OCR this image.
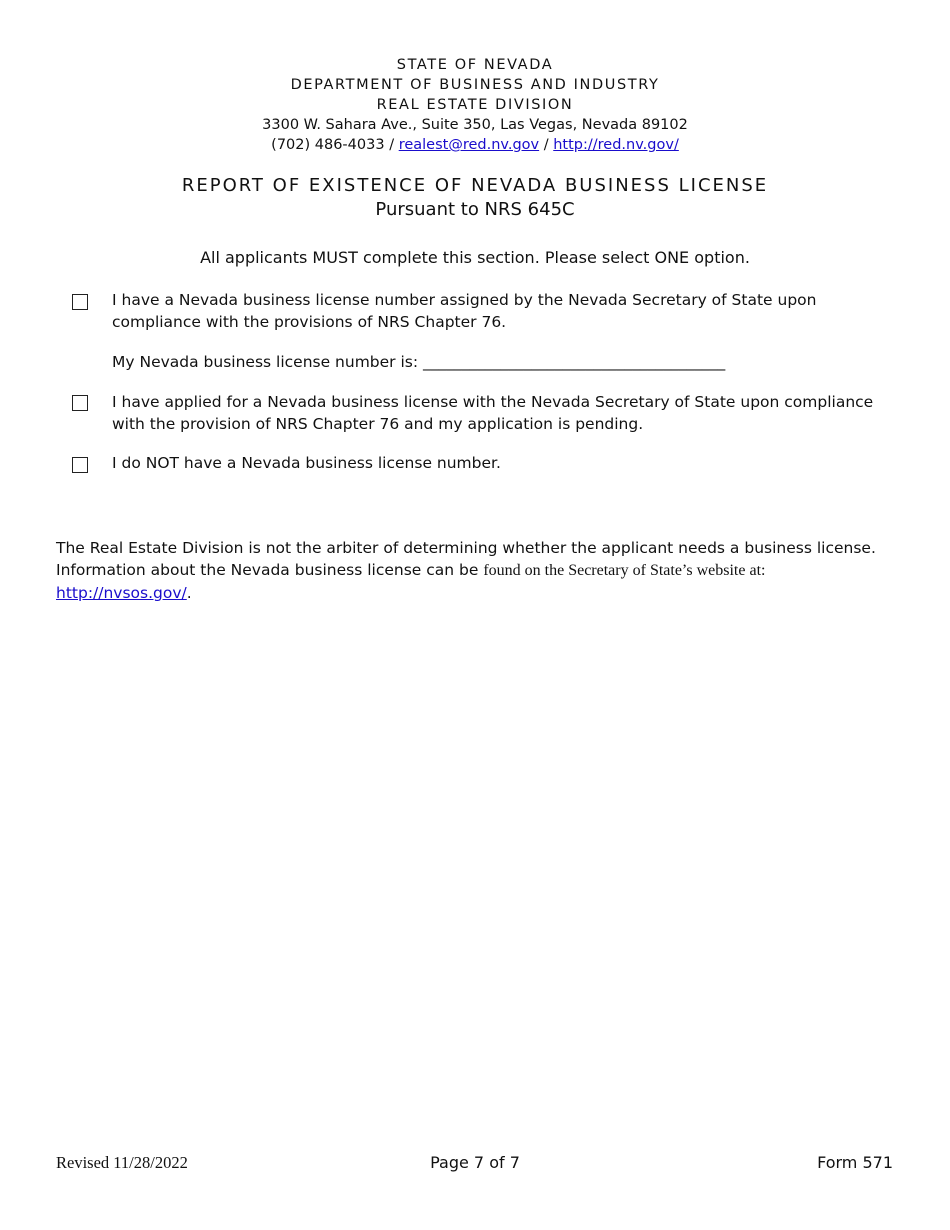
STATE OF NEVADA
DEPARTMENT OF BUSINESS AND INDUSTRY
REAL ESTATE DIVISION
3300 W. Sahara Ave., Suite 350, Las Vegas, Nevada 89102
(702) 486-4033 / realest@red.nv.gov / http://red.nv.gov/
REPORT OF EXISTENCE OF NEVADA BUSINESS LICENSE
Pursuant to NRS 645C
All applicants MUST complete this section. Please select ONE option.
I have a Nevada business license number assigned by the Nevada Secretary of State upon compliance with the provisions of NRS Chapter 76.
My Nevada business license number is: _______________________________________
I have applied for a Nevada business license with the Nevada Secretary of State upon compliance with the provision of NRS Chapter 76 and my application is pending.
I do NOT have a Nevada business license number.
The Real Estate Division is not the arbiter of determining whether the applicant needs a business license.
Information about the Nevada business license can be found on the Secretary of State’s website at:
http://nvsos.gov/.
Revised 11/28/2022	Page 7 of 7	Form 571
